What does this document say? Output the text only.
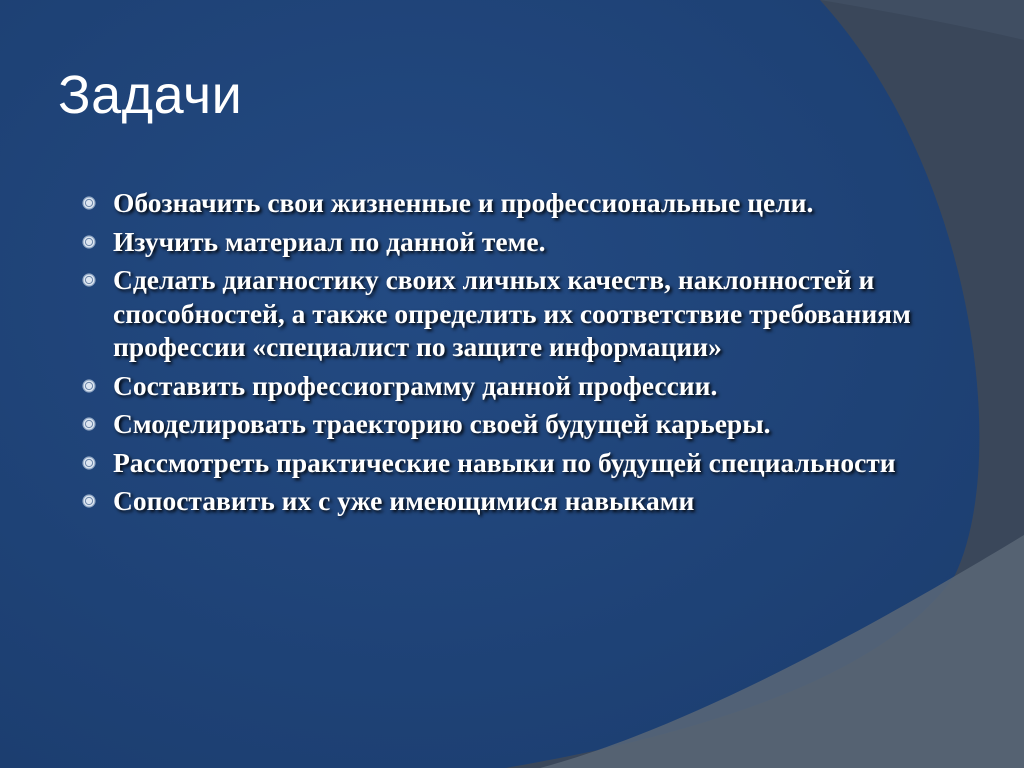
Задачи
Обозначить свои жизненные и профессиональные цели.
Изучить материал по данной теме.
Сделать диагностику своих личных качеств, наклонностей и способностей, а также определить их соответствие требованиям профессии «специалист по защите информации»
Составить профессиограмму данной профессии.
Смоделировать траекторию своей будущей карьеры.
Рассмотреть практические навыки по будущей специальности
Сопоставить их с уже имеющимися навыками
